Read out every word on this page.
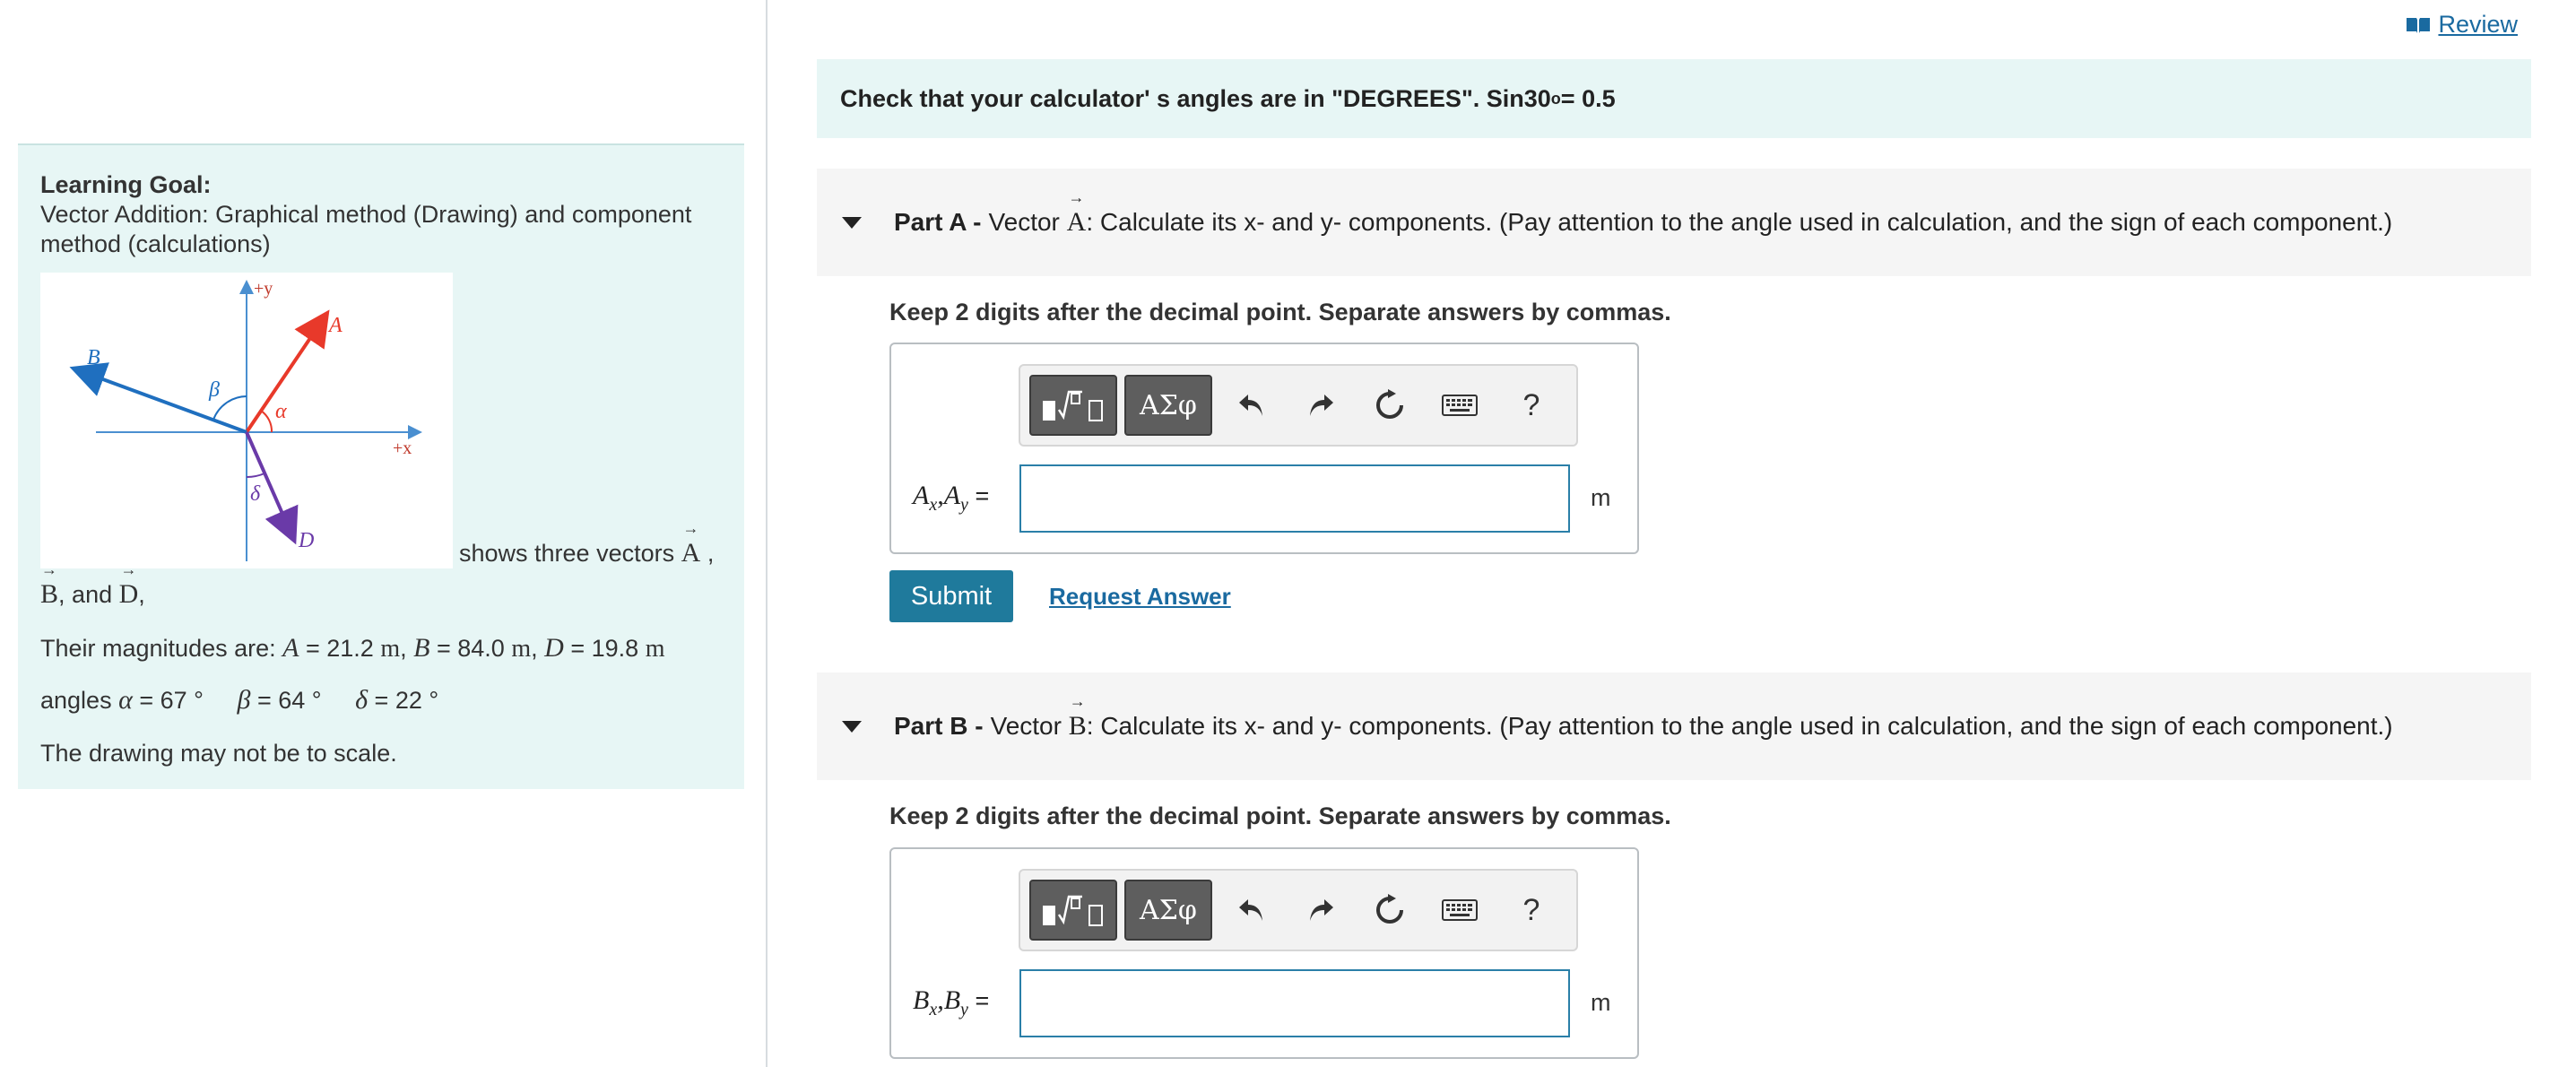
Learning Goal:
Vector Addition: Graphical method (Drawing) and component
method (calculations)
+y
+x
A
B
D
α
β
δ
shows three vectors → A ,
→ B, and → D,
Their magnitudes are: A = 21.2 m, B = 84.0 m, D = 19.8 m
angles α = 67 ° β = 64 ° δ = 22 °
The drawing may not be to scale.
Review
Check that your calculator' s angles are in "DEGREES". Sin30 o = 0.5
Part A - Vector
→ A : Calculate its x- and y- components. (Pay attention to the angle used in calculation, and the sign of each component.)
Keep 2 digits after the decimal point. Separate answers by commas.
ΑΣφ	?
$A_x,A_y$ =	m
Submit	Request Answer
Part B - Vector
→ B : Calculate its x- and y- components. (Pay attention to the angle used in calculation, and the sign of each component.)
Keep 2 digits after the decimal point. Separate answers by commas.
ΑΣφ	?
$B_x,B_y$ =	m
